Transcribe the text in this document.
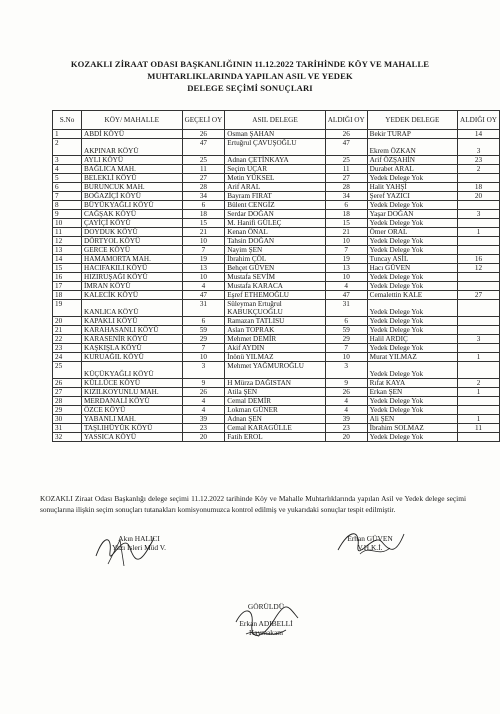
KOZAKLI ZİRAAT ODASI BAŞKANLIĞININ 11.12.2022 TARİHİNDE KÖY VE MAHALLE
MUHTARLIKLARINDA YAPILAN ASIL VE YEDEK
DELEGE SEÇİMİ SONUÇLARI
S.No	KÖY/ MAHALLE	GEÇELİ OY	ASIL DELEGE	ALDIĞI OY	YEDEK DELEGE	ALDIĞI OY
1	ABDİ KÖYÜ	26	Osman ŞAHAN	26	Bekir TURAP	14
2	AKPINAR KÖYÜ	47	Ertuğrul ÇAVUŞOĞLU	47	Ekrem ÖZKAN	3
3	AYLI KÖYÜ	25	Adnan ÇETİNKAYA	25	Arif ÖZŞAHİN	23
4	BAĞLICA MAH.	11	Seçim UÇAR	11	Durabet ARAL	2
5	BELEKLİ KÖYÜ	27	Metin YÜKSEL	27	Yedek Delege Yok	
6	BURUNCUK MAH.	28	Arif ARAL	28	Halit YAHŞİ	18
7	BOĞAZİÇİ KÖYÜ	34	Bayram FIRAT	34	Şeref YAZICI	20
8	BÜYÜKYAĞLI KÖYÜ	6	Bülent CENGİZ	6	Yedek Delege Yok	
9	CAĞŞAK KÖYÜ	18	Serdar DOĞAN	18	Yaşar DOĞAN	3
10	ÇAYİÇİ KÖYÜ	15	M. Hanifi GÜLEÇ	15	Yedek Delege Yok	
11	DOYDUK KÖYÜ	21	Kenan ÖNAL	21	Ömer ORAL	1
12	DÖRTYOL KÖYÜ	10	Tahsin DOĞAN	10	Yedek Delege Yok	
13	GERCE KÖYÜ	7	Nayim ŞEN	7	Yedek Delege Yok	
14	HAMAMORTA MAH.	19	İbrahim ÇÖL	19	Tuncay ASİL	16
15	HACIFAKILI KÖYÜ	13	Behçet GÜVEN	13	Hacı GÜVEN	12
16	HIZIRUŞAĞI KÖYÜ	10	Mustafa SEVİM	10	Yedek Delege Yok	
17	İMRAN KÖYÜ	4	Mustafa KARACA	4	Yedek Delege Yok	
18	KALECİK KÖYÜ	47	Eşref ETHEMOĞLU	47	Cemalettin KALE	27
19	KANLICA KÖYÜ	31	Süleyman Ertuğrul KABUKÇUOĞLU	31	Yedek Delege Yok	
20	KAPAKLI KÖYÜ	6	Ramazan TATLISU	6	Yedek Delege Yok	
21	KARAHASANLI KÖYÜ	59	Aslan TOPRAK	59	Yedek Delege Yok	
22	KARASENİR KÖYÜ	29	Mehmet DEMİR	29	Halil ARDIÇ	3
23	KAŞKIŞLA KÖYÜ	7	Akif AYDIN	7	Yedek Delege Yok	
24	KURUAĞIL KÖYÜ	10	İnönü YILMAZ	10	Murat YILMAZ	1
25	KÜÇÜKYAĞLI KÖYÜ	3	Mehmet YAĞMUROĞLU	3	Yedek Delege Yok	
26	KÜLLÜCE KÖYÜ	9	H Mürza DAĞISTAN	9	Rıfat KAYA	2
27	KIZILKOYUNLU MAH.	26	Atila ŞEN	26	Erkan ŞEN	1
28	MERDANALİ KÖYÜ	4	Cemal DEMİR	4	Yedek Delege Yok	
29	ÖZCE KÖYÜ	4	Lokman GÜNER	4	Yedek Delege Yok	
30	YABANLI MAH.	39	Adnan ŞEN	39	Ali ŞEN	1
31	TAŞLIHÜYÜK KÖYÜ	23	Cemal KARAGÜLLE	23	İbrahim SOLMAZ	11
32	YASSICA KÖYÜ	20	Fatih EROL	20	Yedek Delege Yok	
KOZAKLI Ziraat Odası Başkanlığı delege seçimi 11.12.2022 tarihinde Köy ve Mahalle Muhtarlıklarında yapılan Asil ve Yedek delege seçimi sonuçlarına ilişkin seçim sonuçları tutanakları komisyonumuzca kontrol edilmiş ve yukarıdaki sonuçlar tespit edilmiştir.
Akın HALICI
Yazı İşleri Müd V.
Erhan GÜVEN
V.H.K.İ.
GÖRÜLDÜ
Erkan ADIBELLİ
Kaymakam
